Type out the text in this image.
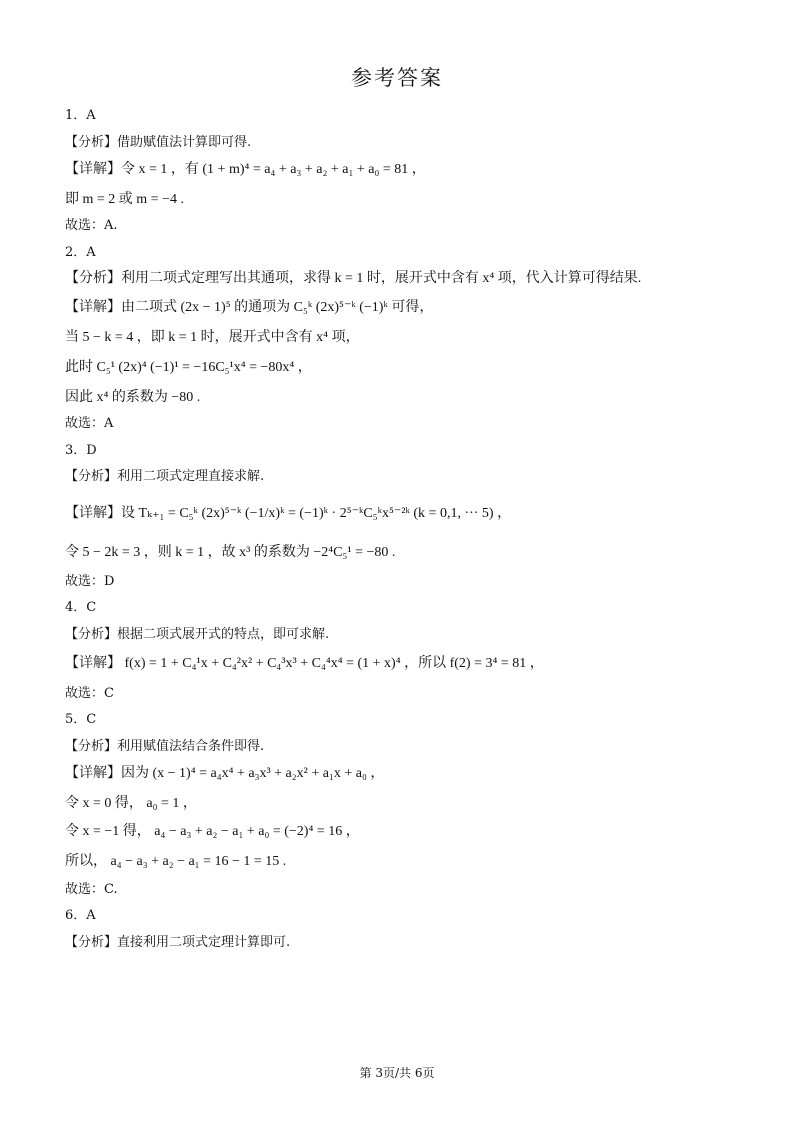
参考答案
1．A
【分析】借助赋值法计算即可得.
【详解】令 x = 1 ，有 (1 + m)⁴ = a₄ + a₃ + a₂ + a₁ + a₀ = 81 ，
即 m = 2 或 m = −4 .
故选：A.
2．A
【分析】利用二项式定理写出其通项，求得 k = 1 时，展开式中含有 x⁴ 项，代入计算可得结果.
【详解】由二项式 (2x − 1)⁵ 的通项为 C₅ᵏ (2x)⁵⁻ᵏ (−1)ᵏ 可得，
当 5 − k = 4 ，即 k = 1 时，展开式中含有 x⁴ 项，
此时 C₅¹ (2x)⁴ (−1)¹ = −16C₅¹x⁴ = −80x⁴ ，
因此 x⁴ 的系数为 −80 .
故选：A
3．D
【分析】利用二项式定理直接求解.
【详解】设 Tₖ₊₁ = C₅ᵏ (2x)⁵⁻ᵏ (−1/x)ᵏ = (−1)ᵏ · 2⁵⁻ᵏC₅ᵏx⁵⁻²ᵏ (k = 0,1, ··· 5) ，
令 5 − 2k = 3 ，则 k = 1 ，故 x³ 的系数为 −2⁴C₅¹ = −80 .
故选：D
4．C
【分析】根据二项式展开式的特点，即可求解.
【详解】 f(x) = 1 + C₄¹x + C₄²x² + C₄³x³ + C₄⁴x⁴ = (1 + x)⁴ ，所以 f(2) = 3⁴ = 81 ，
故选：C
5．C
【分析】利用赋值法结合条件即得.
【详解】因为 (x − 1)⁴ = a₄x⁴ + a₃x³ + a₂x² + a₁x + a₀ ，
令 x = 0 得， a₀ = 1 ，
令 x = −1 得， a₄ − a₃ + a₂ − a₁ + a₀ = (−2)⁴ = 16 ，
所以， a₄ − a₃ + a₂ − a₁ = 16 − 1 = 15 .
故选：C.
6．A
【分析】直接利用二项式定理计算即可.
第 3页/共 6页
